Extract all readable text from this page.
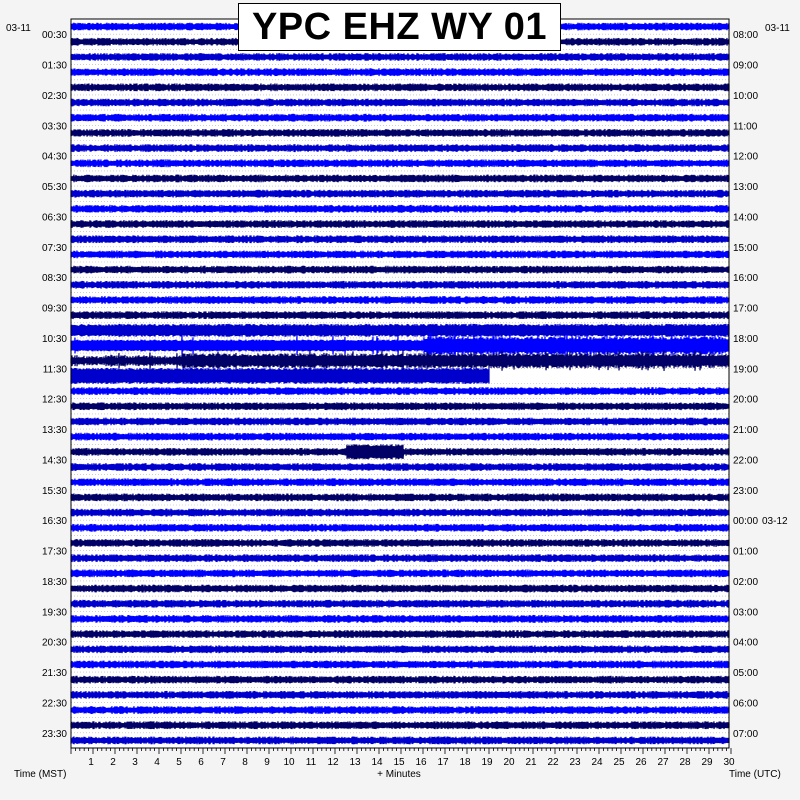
1 2 3 4 5 6 7 8 9 10 11 12 13 14 15 16 17 18 19 20 21 22 23 24 25 26 27 28 29 30
00:30
01:30
02:30
03:30
04:30
05:30
06:30
07:30
08:30
09:30
10:30
11:30
12:30
13:30
14:30
15:30
16:30
17:30
18:30
19:30
20:30
21:30
22:30
23:30
08:00
09:00
10:00
11:00
12:00
13:00
14:00
15:00
16:00
17:00
18:00
19:00
20:00
21:00
22:00
23:00
00:00 03-12
01:00
02:00
03:00
04:00
05:00
06:00
07:00
03-11	03-11
Time (MST)	Time (UTC)
+ Minutes
YPC EHZ WY 01
